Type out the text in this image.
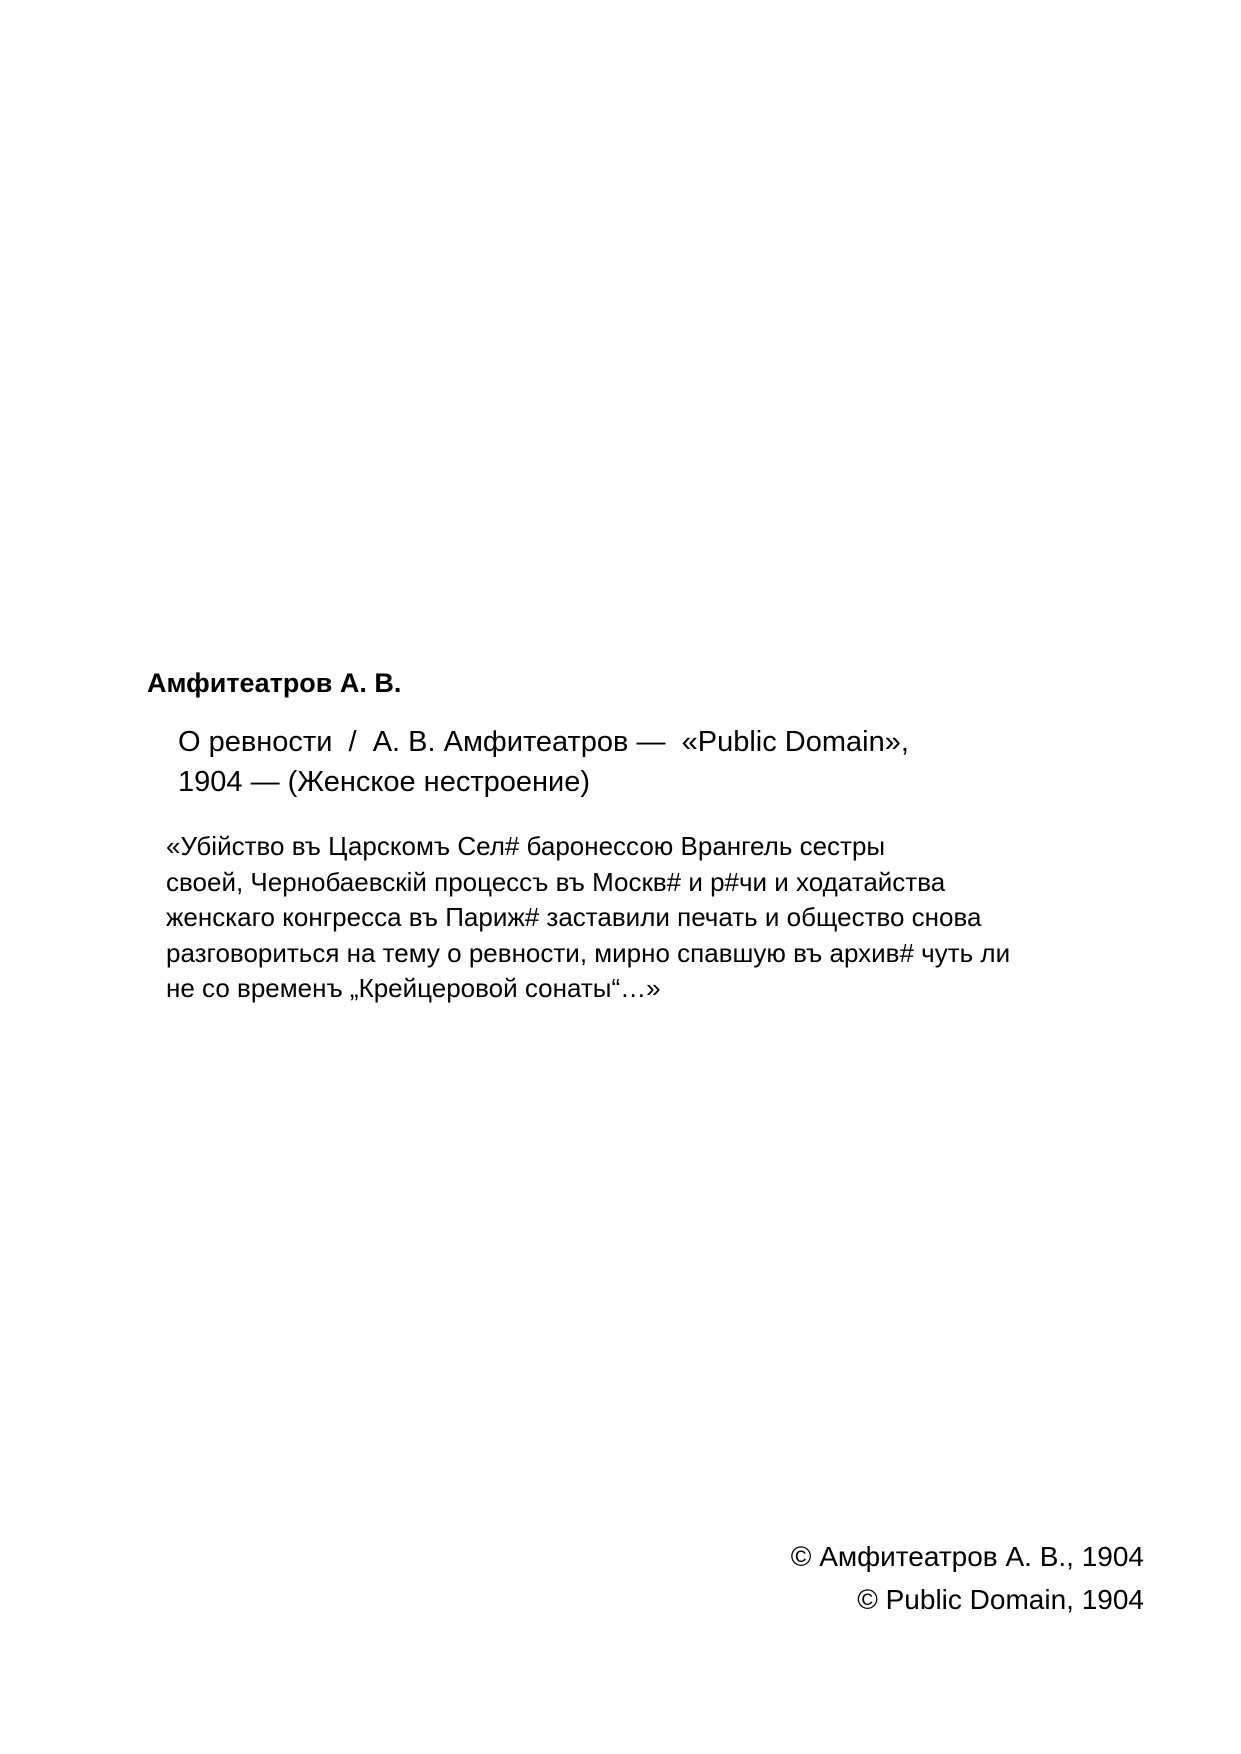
Амфитеатров А. В.

О ревности  /  А. В. Амфитеатров —  «Public Domain»,
1904 — (Женское нестроение)

«Убійство въ Царскомъ Сел# баронессою Врангель сестры
своей, Чернобаевскій процессъ въ Москв# и р#чи и ходатайства
женскаго конгресса въ Париж# заставили печать и общество снова
разговориться на тему о ревности, мирно спавшую въ архив# чуть ли
не со временъ „Крейцеровой сонаты“…»

© Амфитеатров А. В., 1904
© Public Domain, 1904
